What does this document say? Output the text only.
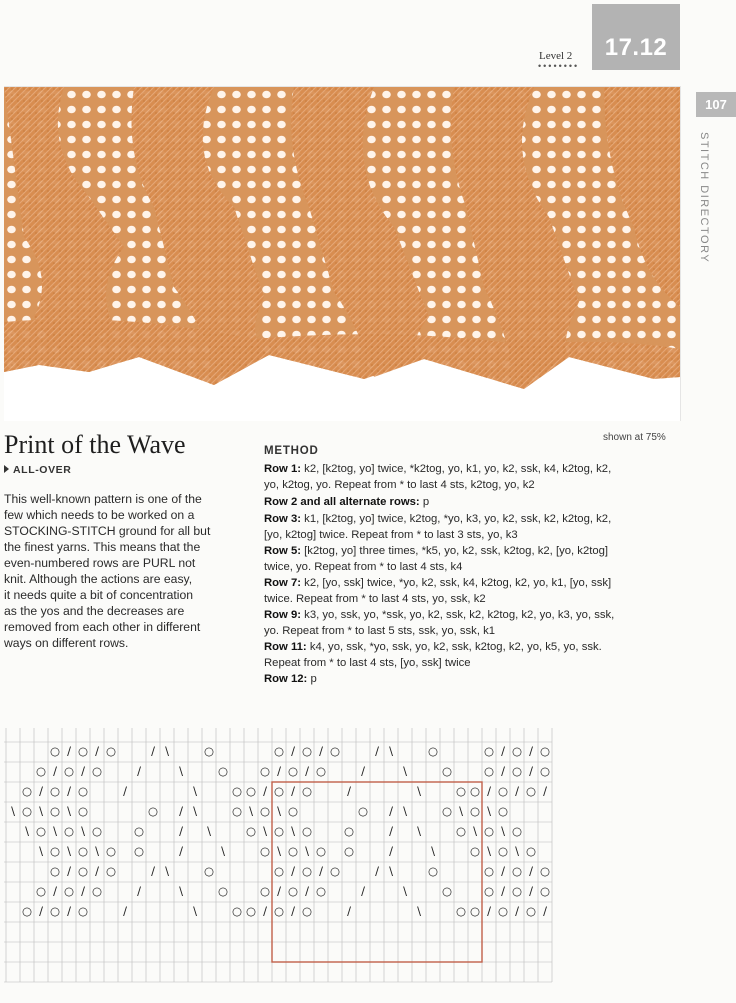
Level 2
••••••••
17.12
107
STITCH DIRECTORY
shown at 75%
Print of the Wave
ALL-OVER
This well-known pattern is one of the
few which needs to be worked on a
STOCKING-STITCH ground for all but
the finest yarns. This means that the
even-numbered rows are PURL not
knit. Although the actions are easy,
it needs quite a bit of concentration
as the yos and the decreases are
removed from each other in different
ways on different rows.
METHOD
Row 1: k2, [k2tog, yo] twice, *k2tog, yo, k1, yo, k2, ssk, k4, k2tog, k2,
yo, k2tog, yo. Repeat from * to last 4 sts, k2tog, yo, k2
Row 2 and all alternate rows: p
Row 3: k1, [k2tog, yo] twice, k2tog, *yo, k3, yo, k2, ssk, k2, k2tog, k2,
[yo, k2tog] twice. Repeat from * to last 3 sts, yo, k3
Row 5: [k2tog, yo] three times, *k5, yo, k2, ssk, k2tog, k2, [yo, k2tog]
twice, yo. Repeat from * to last 4 sts, k4
Row 7: k2, [yo, ssk] twice, *yo, k2, ssk, k4, k2tog, k2, yo, k1, [yo, ssk]
twice. Repeat from * to last 4 sts, yo, ssk, k2
Row 9: k3, yo, ssk, yo, *ssk, yo, k2, ssk, k2, k2tog, k2, yo, k3, yo, ssk,
yo. Repeat from * to last 5 sts, ssk, yo, ssk, k1
Row 11: k4, yo, ssk, *yo, ssk, yo, k2, ssk, k2tog, k2, yo, k5, yo, ssk.
Repeat from * to last 4 sts, [yo, ssk] twice
Row 12: p
○ / ○ / ○	/ \	○	○ / ○ / ○	/ \	○	○ / ○ / ○
○ / ○ / ○	/	\	○	○ / ○ / ○	/	\	○	○ / ○ / ○
○ / ○ / ○	/	\	○ ○ / ○ / ○	/	\	○ ○ / ○ / ○ /
\ ○ \ ○ \ ○	○ / \	○ \ ○ \ ○	○ / \	○ \ ○ \ ○
\ ○ \ ○ \ ○	○	/ \	○ \ ○ \ ○	○	/ \	○ \ ○ \ ○
\ ○ \ ○ \ ○ ○	/	\	○ \ ○ \ ○ ○	/	\	○ \ ○ \ ○
○ / ○ / ○	/ \	○	○ / ○ / ○	/ \	○	○ / ○ / ○
○ / ○ / ○	/	\	○	○ / ○ / ○	/	\	○	○ / ○ / ○
○ / ○ / ○	/	\	○ ○ / ○ / ○	/	\	○ ○ / ○ / ○ /
